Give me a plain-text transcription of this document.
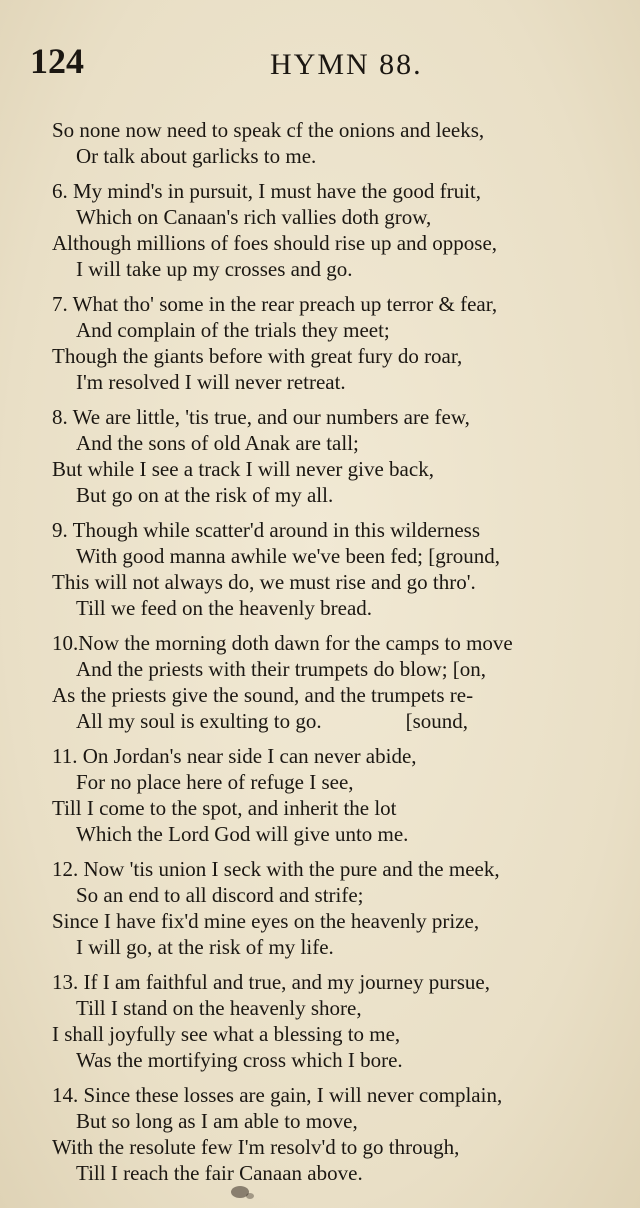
124	HYMN 88.
So none now need to speak cf the onions and leeks,
Or talk about garlicks to me.
6. My mind's in pursuit, I must have the good fruit,
Which on Canaan's rich vallies doth grow,
Although millions of foes should rise up and oppose,
I will take up my crosses and go.
7. What tho' some in the rear preach up terror & fear,
And complain of the trials they meet;
Though the giants before with great fury do roar,
I'm resolved I will never retreat.
8. We are little, 'tis true, and our numbers are few,
And the sons of old Anak are tall;
But while I see a track I will never give back,
But go on at the risk of my all.
9. Though while scatter'd around in this wilderness
With good manna awhile we've been fed; [ground,
This will not always do, we must rise and go thro'.
Till we feed on the heavenly bread.
10.Now the morning doth dawn for the camps to move
And the priests with their trumpets do blow; [on,
As the priests give the sound, and the trumpets re-
All my soul is exulting to go.                [sound,
11. On Jordan's near side I can never abide,
For no place here of refuge I see,
Till I come to the spot, and inherit the lot
Which the Lord God will give unto me.
12. Now 'tis union I seck with the pure and the meek,
So an end to all discord and strife;
Since I have fix'd mine eyes on the heavenly prize,
I will go, at the risk of my life.
13. If I am faithful and true, and my journey pursue,
Till I stand on the heavenly shore,
I shall joyfully see what a blessing to me,
Was the mortifying cross which I bore.
14. Since these losses are gain, I will never complain,
But so long as I am able to move,
With the resolute few I'm resolv'd to go through,
Till I reach the fair Canaan above.
